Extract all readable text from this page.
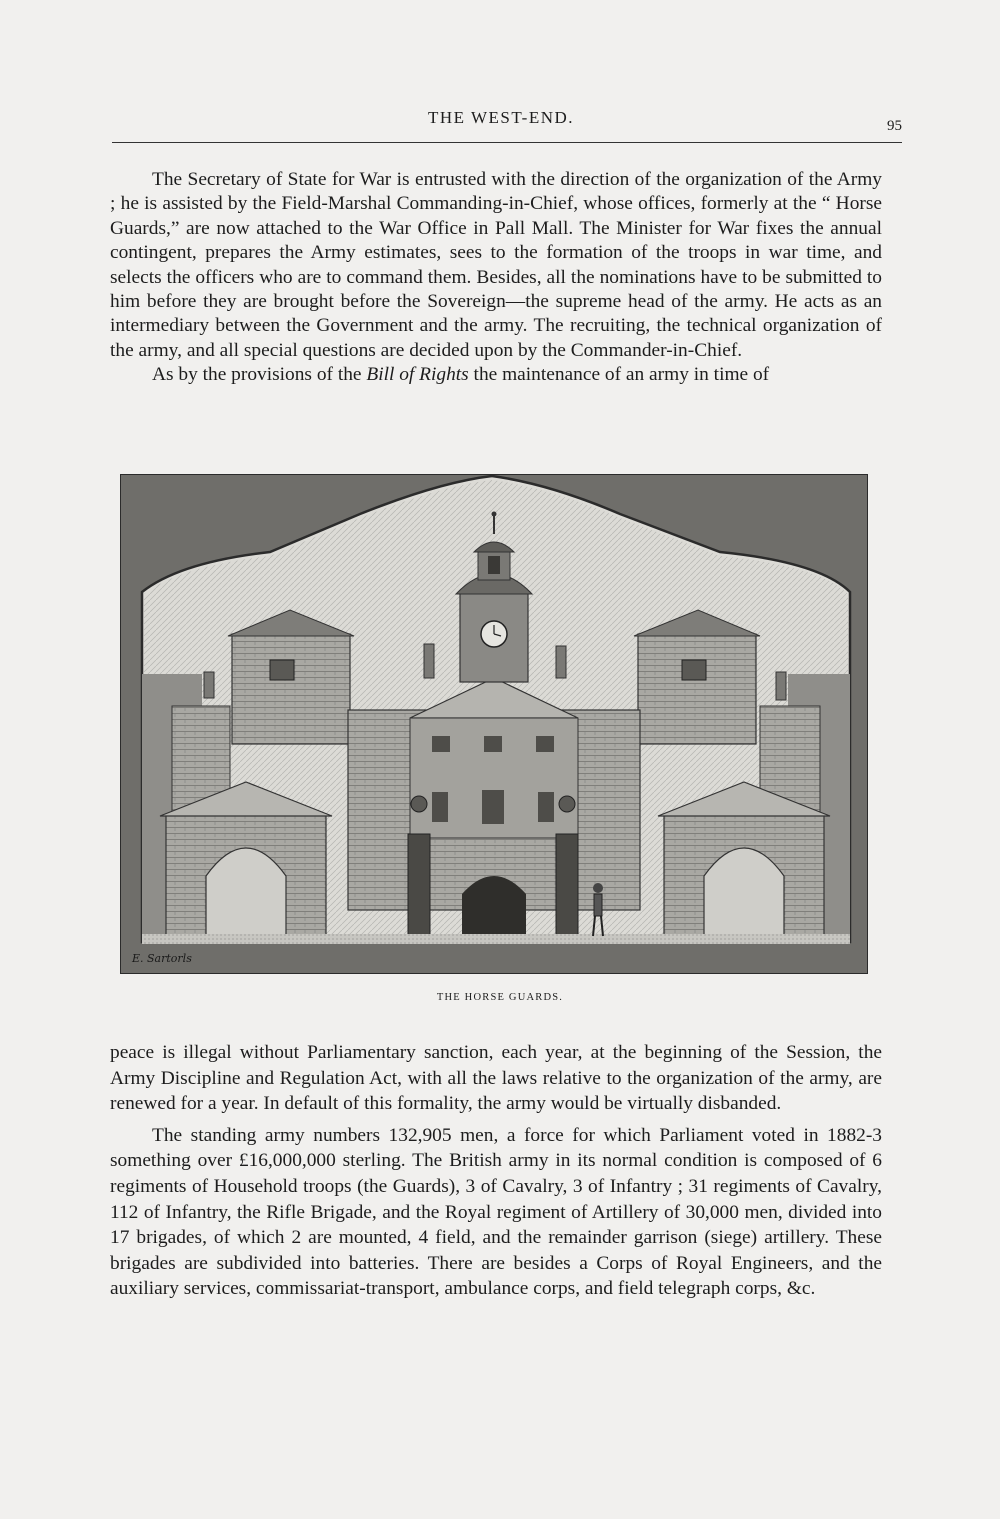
THE WEST-END.	95

The Secretary of State for War is entrusted with the direction of the organization of the Army ; he is assisted by the Field-Marshal Commanding-in-Chief, whose offices, formerly at the “ Horse Guards,” are now attached to the War Office in Pall Mall. The Minister for War fixes the annual contingent, prepares the Army estimates, sees to the formation of the troops in war time, and selects the officers who are to command them. Besides, all the nominations have to be submitted to him before they are brought before the Sovereign—the supreme head of the army. He acts as an intermediary between the Government and the army. The recruiting, the technical organization of the army, and all special questions are decided upon by the Commander-in-Chief.

As by the provisions of the Bill of Rights the maintenance of an army in time of

E. Sartorls
THE HORSE GUARDS.

peace is illegal without Parliamentary sanction, each year, at the beginning of the Session, the Army Discipline and Regulation Act, with all the laws relative to the organization of the army, are renewed for a year. In default of this formality, the army would be virtually disbanded.

The standing army numbers 132,905 men, a force for which Parliament voted in 1882-3 something over £16,000,000 sterling. The British army in its normal condition is composed of 6 regiments of Household troops (the Guards), 3 of Cavalry, 3 of Infantry ; 31 regiments of Cavalry, 112 of Infantry, the Rifle Brigade, and the Royal regiment of Artillery of 30,000 men, divided into 17 brigades, of which 2 are mounted, 4 field, and the remainder garrison (siege) artillery. These brigades are subdivided into batteries. There are besides a Corps of Royal Engineers, and the auxiliary services, commissariat-transport, ambulance corps, and field telegraph corps, &c.
